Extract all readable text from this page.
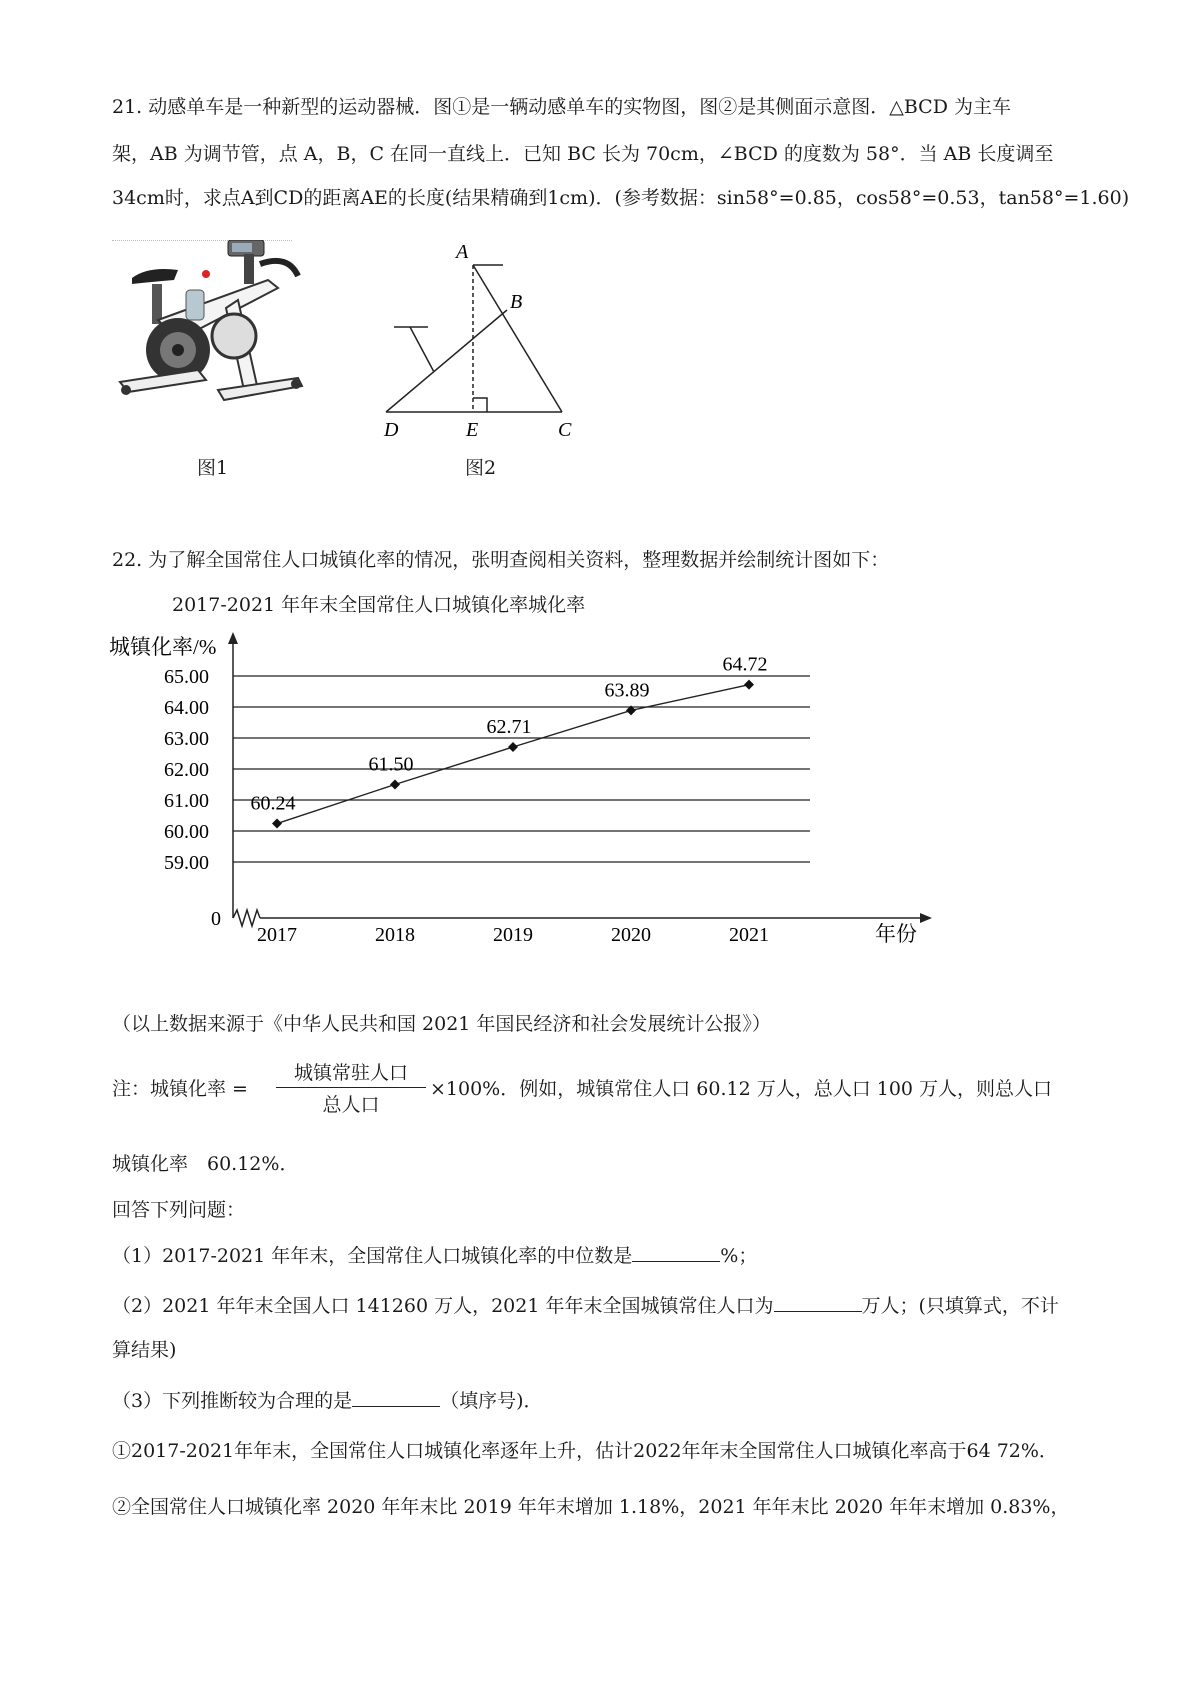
21. 动感单车是一种新型的运动器械．图①是一辆动感单车的实物图，图②是其侧面示意图．△BCD 为主车
架，AB 为调节管，点 A，B，C 在同一直线上．已知 BC 长为 70cm，∠BCD 的度数为 58°．当 AB 长度调至
34cm时，求点A到CD的距离AE的长度(结果精确到1cm)．(参考数据：sin58°=0.85，cos58°=0.53，tan58°=1.60)
图1
A
B
C
D	E
图2
22. 为了解全国常住人口城镇化率的情况，张明查阅相关资料，整理数据并绘制统计图如下：
2017-2021 年年末全国常住人口城镇化率城化率
城镇化率/%
年份
0
65.00
64.00
63.00
62.00
61.00
60.00
59.00
2017	2018	2019	2020	2021
60.24
61.50
62.71
63.89
64.72
（以上数据来源于《中华人民共和国 2021 年国民经济和社会发展统计公报》）
注：城镇化率 =
城镇常驻人口
总人口
×100%．例如，城镇常住人口 60.12 万人，总人口 100 万人，则总人口
城镇化率　60.12%．
回答下列问题：
（1）2017-2021 年年末，全国常住人口城镇化率的中位数是	%；
（2）2021 年年末全国人口 141260 万人，2021 年年末全国城镇常住人口为	万人；(只填算式，不计
算结果)
（3）下列推断较为合理的是	（填序号)．
①2017-2021年年末，全国常住人口城镇化率逐年上升，估计2022年年末全国常住人口城镇化率高于64 72%．
②全国常住人口城镇化率 2020 年年末比 2019 年年末增加 1.18%，2021 年年末比 2020 年年末增加 0.83%，
